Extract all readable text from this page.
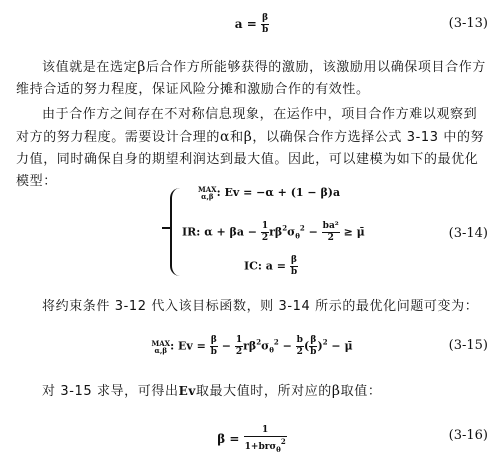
$a = \frac{\beta}{b}$	(3-13)
该值就是在选定β后合作方所能够获得的激励，该激励用以确保项目合作方维持合适的努力程度，保证风险分摊和激励合作的有效性。
由于合作方之间存在不对称信息现象，在运作中，项目合作方难以观察到对方的努力程度。需要设计合理的α和β，以确保合作方选择公式 3-13 中的努力值，同时确保自身的期望利润达到最大值。因此，可以建模为如下的最优化模型：
MAX
α,β : Ev = −α + (1 − β)a
IR: $\alpha + \beta a - \frac{1}{2} r\beta^2\sigma_\theta^2 - \frac{\text{ba²}}{2}$ ≥ μ̄
IC: $a = \frac{\beta}{b}$
(3-14)
将约束条件 3-12 代入该目标函数，则 3-14 所示的最优化问题可变为：
MAX
α,β : $Ev = \frac{\beta}{b} - \frac{1}{2} r\beta^2\sigma_\theta^2 - \frac{b}{2}$ ( $\frac{\beta}{b} )^2$ − μ̄	(3-15)
对 3-15 求导，可得出Ev取最大值时，所对应的β取值：
$\beta = \frac{1}{1+br\sigma_\theta^2}$	(3-16)
